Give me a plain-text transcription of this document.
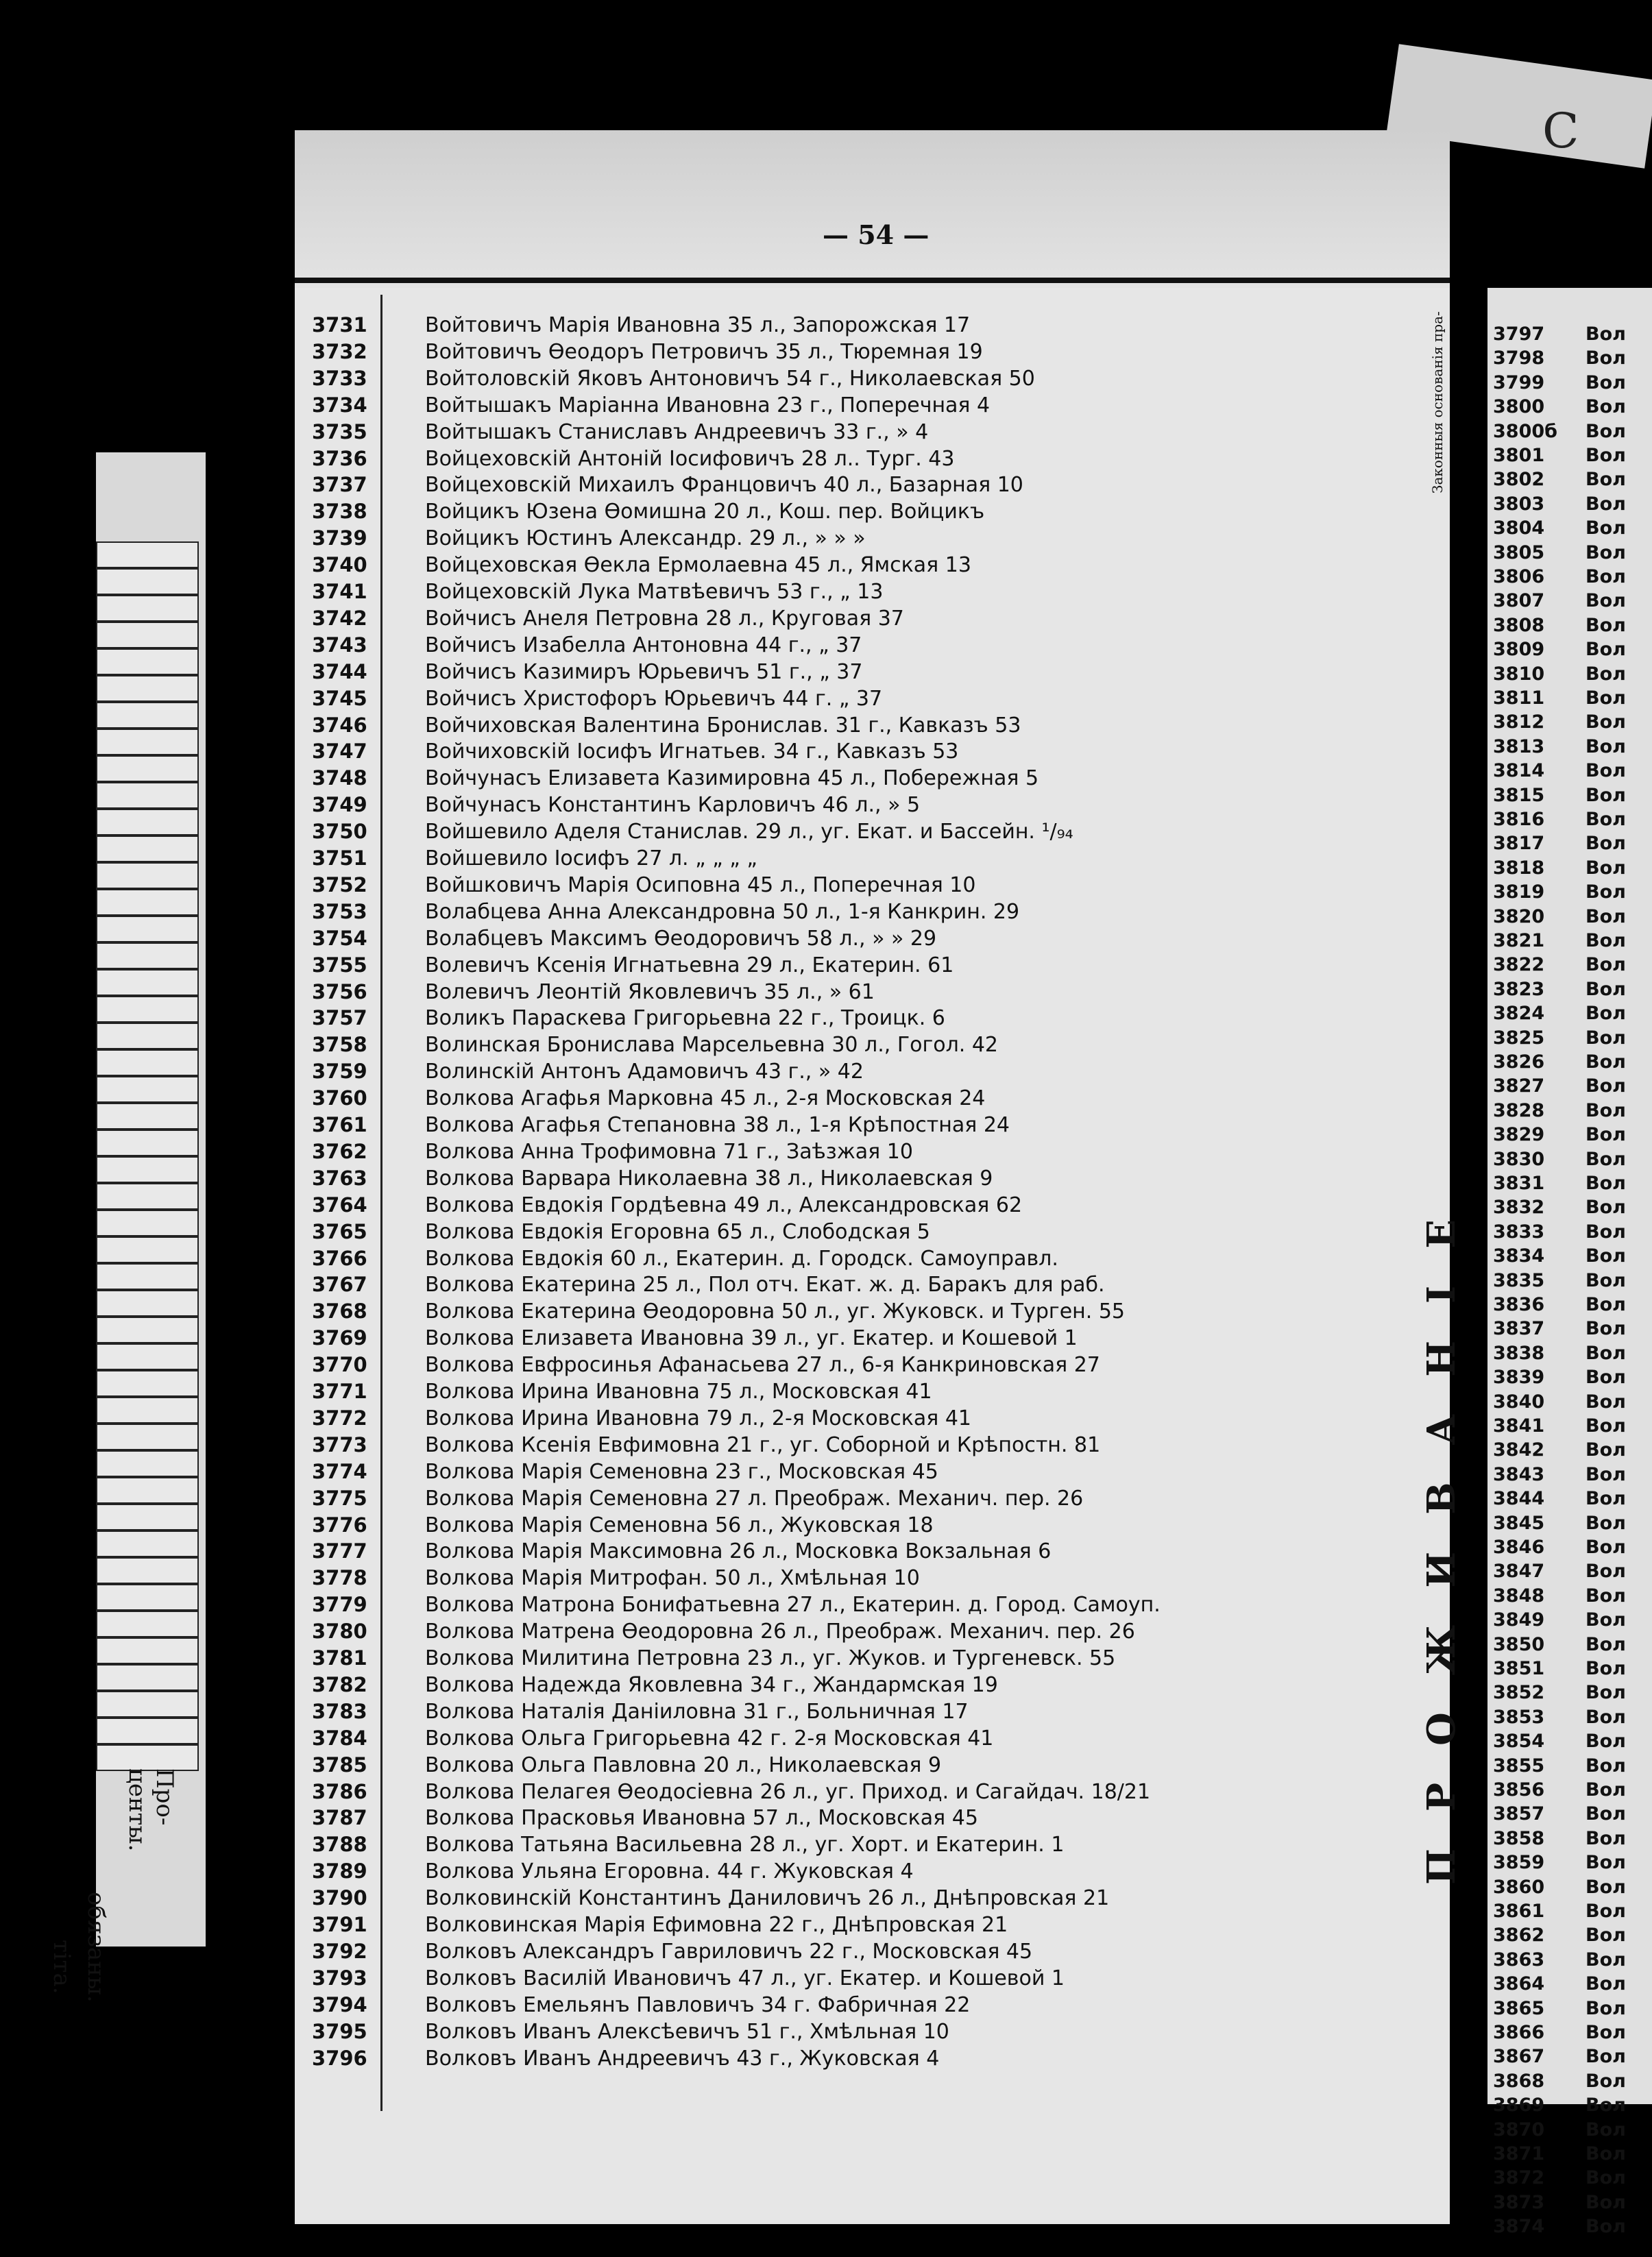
С
Про-
центы.
обязаны.
тіта.
— 54 —
3731	Войтовичъ Марія Ивановна 35 л., Запорожская 17
3732	Войтовичъ Өеодоръ Петровичъ 35 л., Тюремная 19
3733	Войтоловскій Яковъ Антоновичъ 54 г., Николаевская 50
3734	Войтышакъ Маріанна Ивановна 23 г., Поперечная 4
3735	Войтышакъ Станиславъ Андреевичъ 33 г., » 4
3736	Войцеховскій Антоній Іосифовичъ 28 л.. Тург. 43
3737	Войцеховскій Михаилъ Францовичъ 40 л., Базарная 10
3738	Войцикъ Юзена Өомишна 20 л., Кош. пер. Войцикъ
3739	Войцикъ Юстинъ Александр. 29 л., » » »
3740	Войцеховская Өекла Ермолаевна 45 л., Ямская 13
3741	Войцеховскій Лука Матвѣевичъ 53 г., „ 13
3742	Войчисъ Анеля Петровна 28 л., Круговая 37
3743	Войчисъ Изабелла Антоновна 44 г., „ 37
3744	Войчисъ Казимиръ Юрьевичъ 51 г., „ 37
3745	Войчисъ Христофоръ Юрьевичъ 44 г. „ 37
3746	Войчиховская Валентина Бронислав. 31 г., Кавказъ 53
3747	Войчиховскій Іосифъ Игнатьев. 34 г., Кавказъ 53
3748	Войчунасъ Елизавета Казимировна 45 л., Побережная 5
3749	Войчунасъ Константинъ Карловичъ 46 л., » 5
3750	Войшевило Аделя Станислав. 29 л., уг. Екат. и Бассейн. ¹/₉₄
3751	Войшевило Іосифъ 27 л. „ „ „ „
3752	Войшковичъ Марія Осиповна 45 л., Поперечная 10
3753	Волабцева Анна Александровна 50 л., 1-я Канкрин. 29
3754	Волабцевъ Максимъ Өеодоровичъ 58 л., » » 29
3755	Волевичъ Ксенія Игнатьевна 29 л., Екатерин. 61
3756	Волевичъ Леонтій Яковлевичъ 35 л., » 61
3757	Воликъ Параскева Григорьевна 22 г., Троицк. 6
3758	Волинская Бронислава Марсельевна 30 л., Гогол. 42
3759	Волинскій Антонъ Адамовичъ 43 г., » 42
3760	Волкова Агафья Марковна 45 л., 2-я Московская 24
3761	Волкова Агафья Степановна 38 л., 1-я Крѣпостная 24
3762	Волкова Анна Трофимовна 71 г., Заѣзжая 10
3763	Волкова Варвара Николаевна 38 л., Николаевская 9
3764	Волкова Евдокія Гордѣевна 49 л., Александровская 62
3765	Волкова Евдокія Егоровна 65 л., Слободская 5
3766	Волкова Евдокія 60 л., Екатерин. д. Городск. Самоуправл.
3767	Волкова Екатерина 25 л., Пол отч. Екат. ж. д. Баракъ для раб.
3768	Волкова Екатерина Өеодоровна 50 л., уг. Жуковск. и Турген. 55
3769	Волкова Елизавета Ивановна 39 л., уг. Екатер. и Кошевой 1
3770	Волкова Евфросинья Афанасьева 27 л., 6-я Канкриновская 27
3771	Волкова Ирина Ивановна 75 л., Московская 41
3772	Волкова Ирина Ивановна 79 л., 2-я Московская 41
3773	Волкова Ксенія Евфимовна 21 г., уг. Соборной и Крѣпостн. 81
3774	Волкова Марія Семеновна 23 г., Московская 45
3775	Волкова Марія Семеновна 27 л. Преображ. Механич. пер. 26
3776	Волкова Марія Семеновна 56 л., Жуковская 18
3777	Волкова Марія Максимовна 26 л., Московка Вокзальная 6
3778	Волкова Марія Митрофан. 50 л., Хмѣльная 10
3779	Волкова Матрона Бонифатьевна 27 л., Екатерин. д. Город. Самоуп.
3780	Волкова Матрена Өеодоровна 26 л., Преображ. Механич. пер. 26
3781	Волкова Милитина Петровна 23 л., уг. Жуков. и Тургеневск. 55
3782	Волкова Надежда Яковлевна 34 г., Жандармская 19
3783	Волкова Наталія Даніиловна 31 г., Больничная 17
3784	Волкова Ольга Григорьевна 42 г. 2-я Московская 41
3785	Волкова Ольга Павловна 20 л., Николаевская 9
3786	Волкова Пелагея Өеодосіевна 26 л., уг. Приход. и Сагайдач. 18/21
3787	Волкова Прасковья Ивановна 57 л., Московская 45
3788	Волкова Татьяна Васильевна 28 л., уг. Хорт. и Екатерин. 1
3789	Волкова Ульяна Егоровна. 44 г. Жуковская 4
3790	Волковинскій Константинъ Даниловичъ 26 л., Днѣпровская 21
3791	Волковинская Марія Ефимовна 22 г., Днѣпровская 21
3792	Волковъ Александръ Гавриловичъ 22 г., Московская 45
3793	Волковъ Василій Ивановичъ 47 л., уг. Екатер. и Кошевой 1
3794	Волковъ Емельянъ Павловичъ 34 г. Фабричная 22
3795	Волковъ Иванъ Алексѣевичъ 51 г., Хмѣльная 10
3796	Волковъ Иванъ Андреевичъ 43 г., Жуковская 4
Законныя основанія пра-
ПРОЖИВАНІЕ
3797 Вол
3798 Вол
3799 Вол
3800 Вол
3800б Вол
3801 Вол
3802 Вол
3803 Вол
3804 Вол
3805 Вол
3806 Вол
3807 Вол
3808 Вол
3809 Вол
3810 Вол
3811 Вол
3812 Вол
3813 Вол
3814 Вол
3815 Вол
3816 Вол
3817 Вол
3818 Вол
3819 Вол
3820 Вол
3821 Вол
3822 Вол
3823 Вол
3824 Вол
3825 Вол
3826 Вол
3827 Вол
3828 Вол
3829 Вол
3830 Вол
3831 Вол
3832 Вол
3833 Вол
3834 Вол
3835 Вол
3836 Вол
3837 Вол
3838 Вол
3839 Вол
3840 Вол
3841 Вол
3842 Вол
3843 Вол
3844 Вол
3845 Вол
3846 Вол
3847 Вол
3848 Вол
3849 Вол
3850 Вол
3851 Вол
3852 Вол
3853 Вол
3854 Вол
3855 Вол
3856 Вол
3857 Вол
3858 Вол
3859 Вол
3860 Вол
3861 Вол
3862 Вол
3863 Вол
3864 Вол
3865 Вол
3866 Вол
3867 Вол
3868 Вол
3869 Вол
3870 Вол
3871 Вол
3872 Вол
3873 Вол
3874 Вол
